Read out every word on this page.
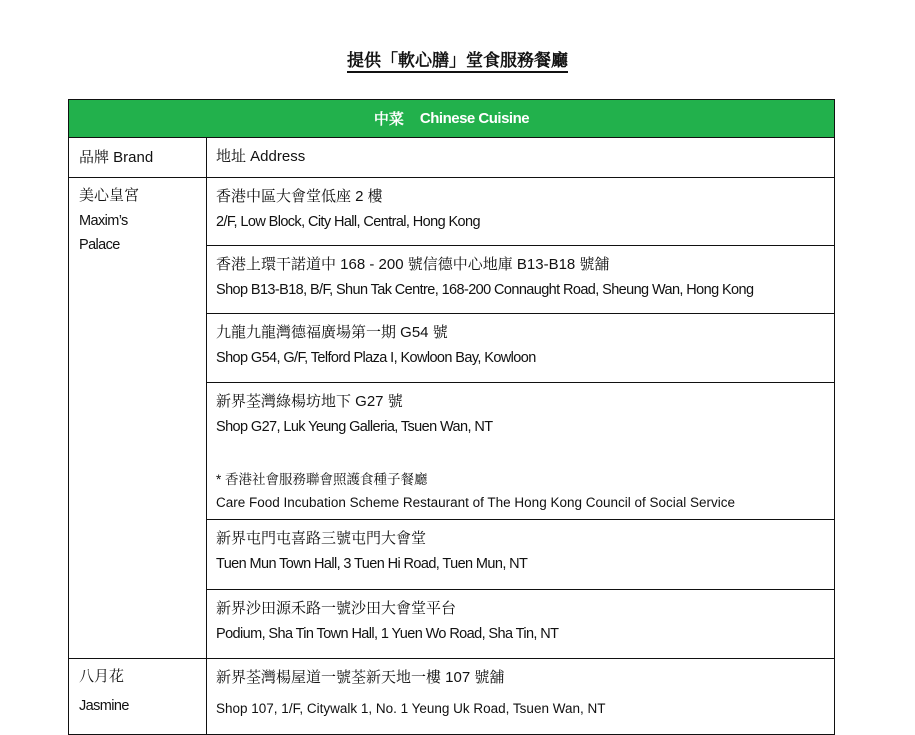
提供「軟心膳」堂食服務餐廳
中菜 Chinese Cuisine
品牌 Brand	地址 Address
美心皇宮
Maxim’s Palace
香港中區大會堂低座 2 樓
2/F, Low Block, City Hall, Central, Hong Kong
香港上環干諾道中 168 - 200 號信德中心地庫 B13-B18 號舖
Shop B13-B18, B/F, Shun Tak Centre, 168-200 Connaught Road, Sheung Wan, Hong Kong
九龍九龍灣德福廣場第一期 G54 號
Shop G54, G/F, Telford Plaza I, Kowloon Bay, Kowloon
新界荃灣綠楊坊地下 G27 號
Shop G27, Luk Yeung Galleria, Tsuen Wan, NT
* 香港社會服務聯會照護食種子餐廳
Care Food Incubation Scheme Restaurant of The Hong Kong Council of Social Service
新界屯門屯喜路三號屯門大會堂
Tuen Mun Town Hall, 3 Tuen Hi Road, Tuen Mun, NT
新界沙田源禾路一號沙田大會堂平台
Podium, Sha Tin Town Hall, 1 Yuen Wo Road, Sha Tin, NT
八月花
Jasmine
新界荃灣楊屋道一號荃新天地一樓 107 號舖
Shop 107, 1/F, Citywalk 1, No. 1 Yeung Uk Road, Tsuen Wan, NT
